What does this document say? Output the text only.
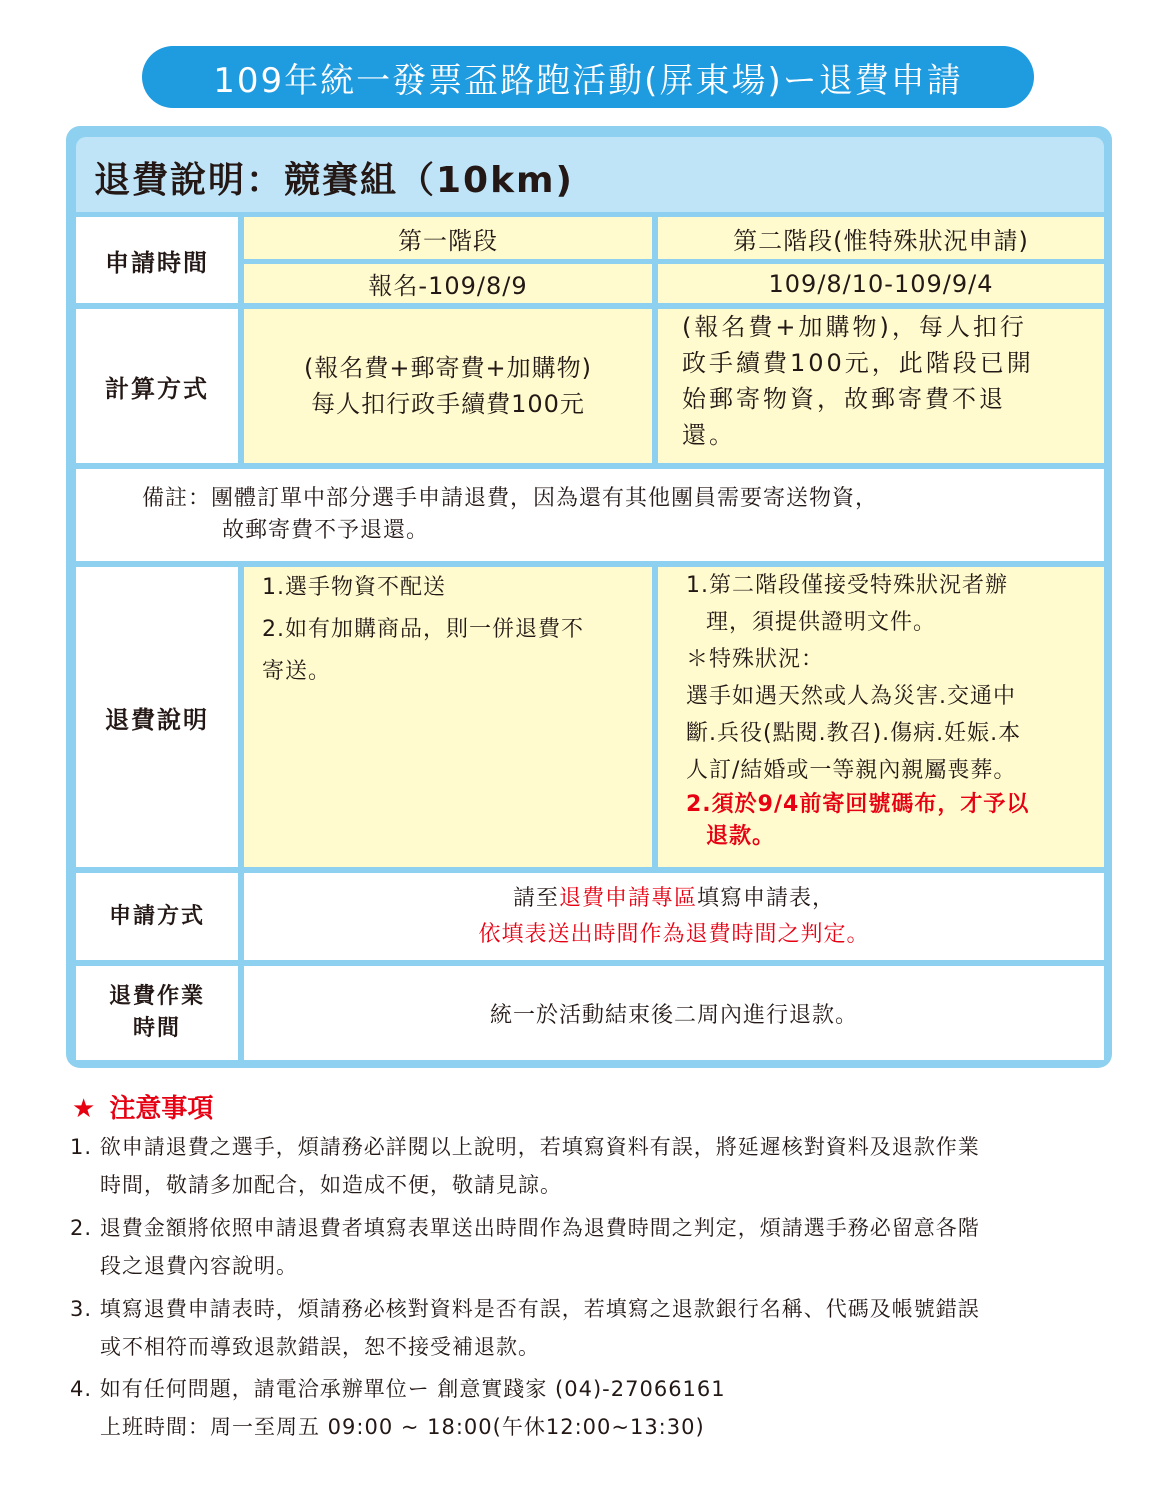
109年統一發票盃路跑活動(屏東場)ー退費申請
退費說明：競賽組（10km)
申請時間
第一階段	第二階段(惟特殊狀況申請)
報名-109/8/9	109/8/10-109/9/4
計算方式
(報名費+郵寄費+加購物)
每人扣行政手續費100元
(報名費+加購物)，每人扣行
政手續費100元，此階段已開
始郵寄物資，故郵寄費不退
還。
備註：團體訂單中部分選手申請退費，因為還有其他團員需要寄送物資，
故郵寄費不予退還。
退費說明
1.選手物資不配送
2.如有加購商品，則一併退費不
寄送。
1.第二階段僅接受特殊狀況者辦
理，須提供證明文件。
＊特殊狀況：
選手如遇天然或人為災害.交通中
斷.兵役(點閱.教召).傷病.妊娠.本
人訂/結婚或一等親內親屬喪葬。
2.須於9/4前寄回號碼布，才予以
退款。
申請方式
請至退費申請專區填寫申請表，
依填表送出時間作為退費時間之判定。
退費作業
時間
統一於活動結束後二周內進行退款。
★ 注意事項
1. 欲申請退費之選手，煩請務必詳閱以上說明，若填寫資料有誤，將延遲核對資料及退款作業
時間，敬請多加配合，如造成不便，敬請見諒。
2. 退費金額將依照申請退費者填寫表單送出時間作為退費時間之判定，煩請選手務必留意各階
段之退費內容說明。
3. 填寫退費申請表時，煩請務必核對資料是否有誤，若填寫之退款銀行名稱、代碼及帳號錯誤
或不相符而導致退款錯誤，恕不接受補退款。
4. 如有任何問題，請電洽承辦單位ー 創意實踐家 (04)-27066161
上班時間：周一至周五 09:00 ~ 18:00(午休12:00~13:30)
